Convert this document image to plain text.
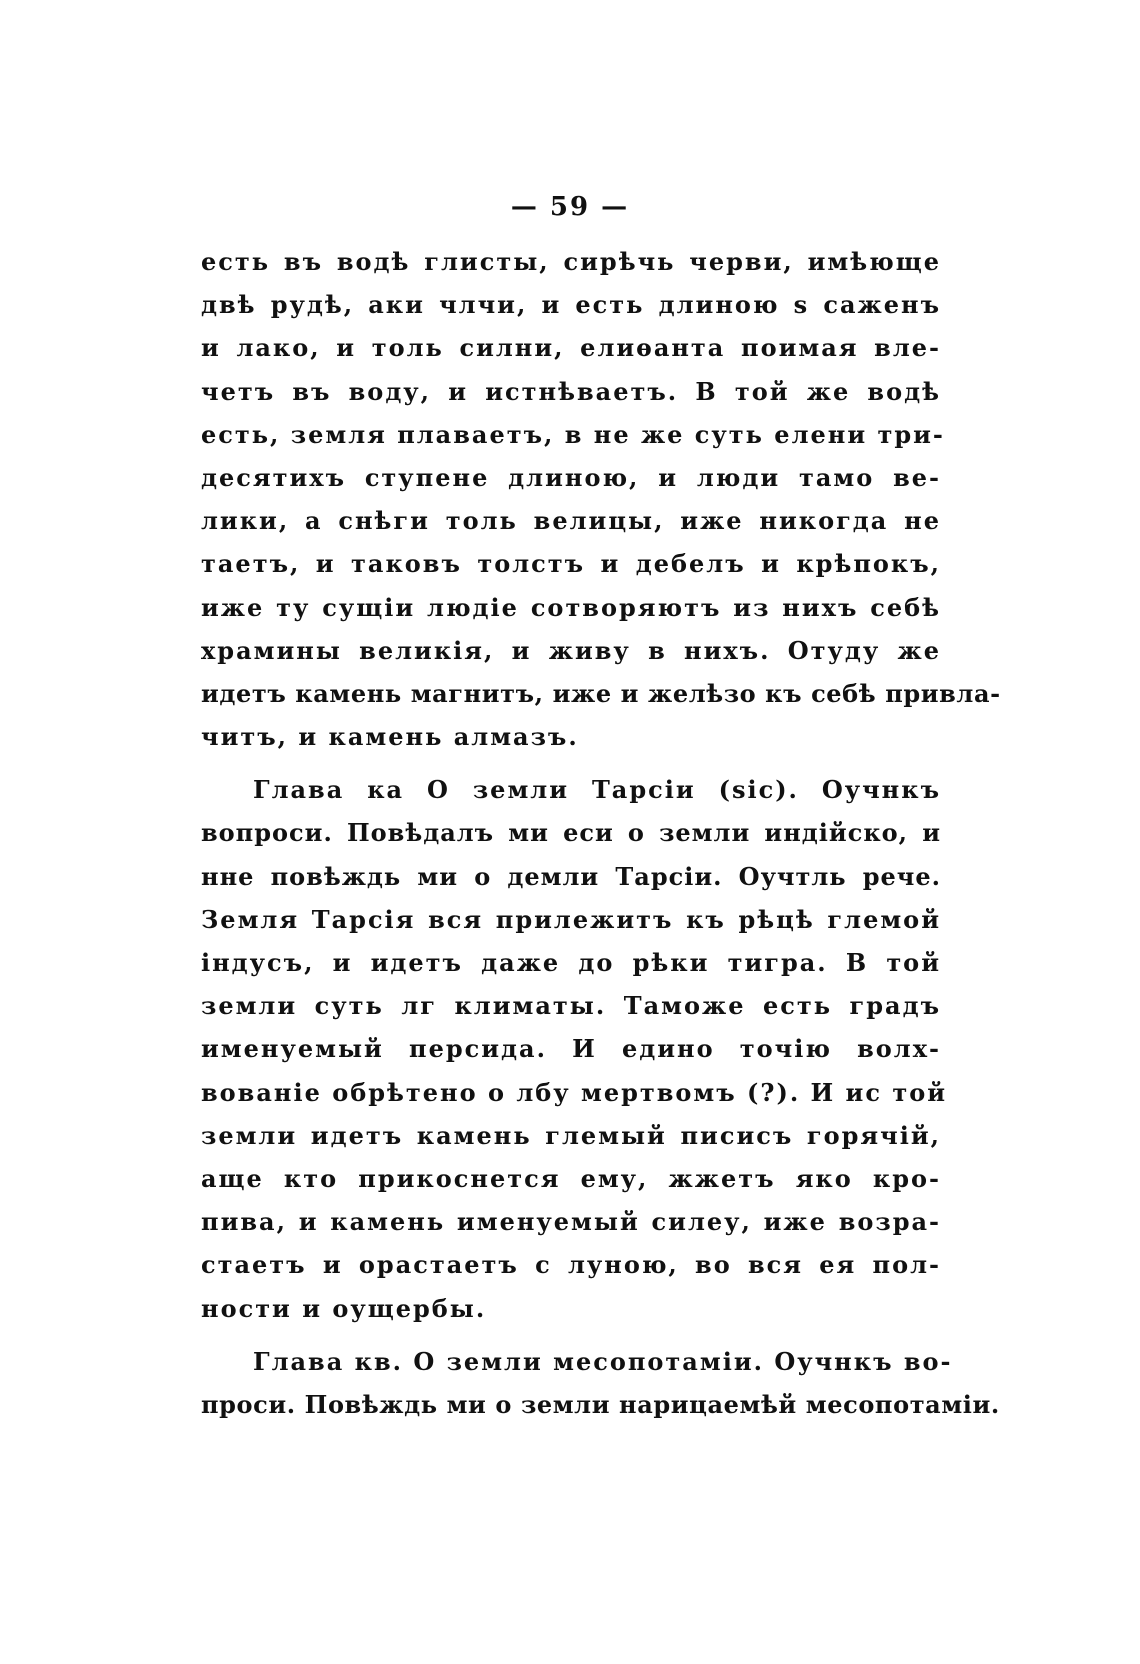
— 59 —
есть въ водѣ глисты, сирѣчь черви, имѣюще
двѣ рудѣ, аки члчи, и есть длиною ѕ саженъ
и лако, и толь силни, елиѳанта поимая вле-
четъ въ воду, и истнѣваетъ. В той же водѣ
есть, земля плаваетъ, в не же суть елени три-
десятихъ ступене длиною, и люди тамо ве-
лики, а снѣги толь велицы, иже никогда не
таетъ, и таковъ толстъ и дебелъ и крѣпокъ,
иже ту сущiи людiе сотворяютъ из нихъ себѣ
храмины великiя, и живу в нихъ. Отуду же
идетъ камень магнитъ, иже и желѣзо къ себѣ привла-
читъ, и камень алмазъ.
Глава ка О земли Тарсiи (sic). Оучнкъ
вопроси. Повѣдалъ ми еси о земли индiйско, и
нне повѣждь ми о демли Тарсiи. Оучтль рече.
Земля Тарсiя вся прилежитъ къ рѣцѣ глемой
iндусъ, и идетъ даже до рѣки тигра. В той
земли суть лг климаты. Таможе есть градъ
именуемый персида. И едино точiю волх-
вованiе обрѣтено о лбу мертвомъ (?). И ис той
земли идетъ камень глемый писисъ горячiй,
аще кто прикоснется ему, жжетъ яко кро-
пива, и камень именуемый силеу, иже возра-
стаетъ и орастаетъ с луною, во вся ея пол-
ности и оущербы.
Глава кв. О земли месопотамiи. Оучнкъ во-
проси. Повѣждь ми о земли нарицаемѣй месопотамiи.
